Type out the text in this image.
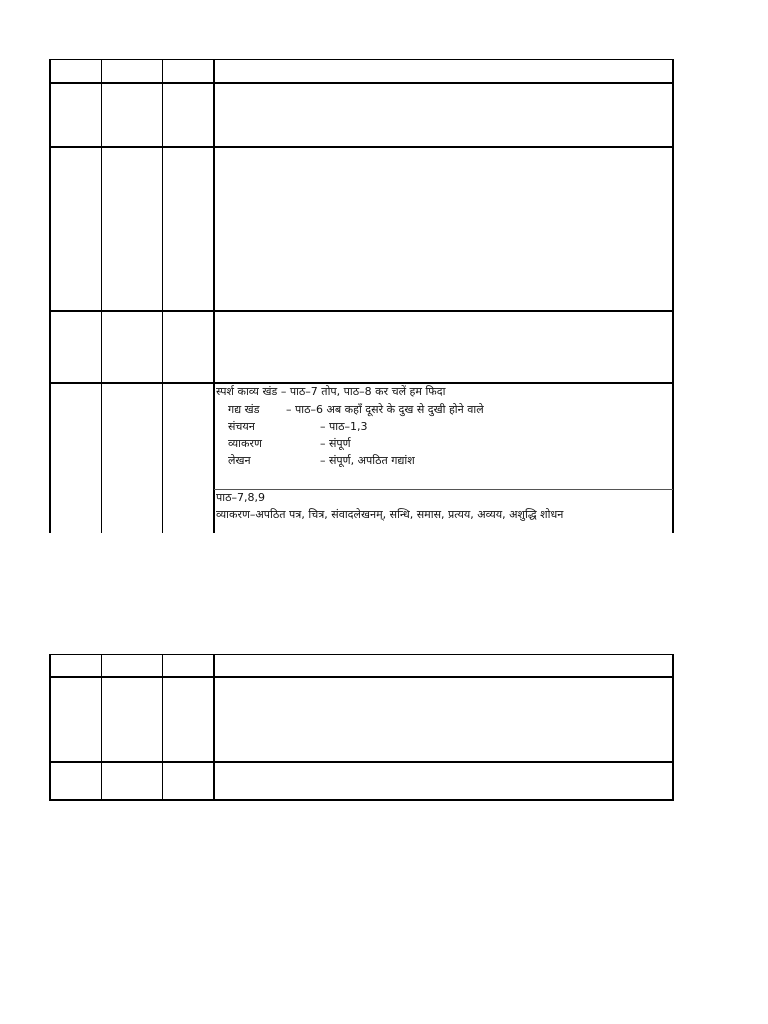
स्पर्श काव्य खंड – पाठ–7 तोप, पाठ–8 कर चलें हम फिदा
गद्य खंड – पाठ–6 अब कहाँ दूसरे के दुख से दुखी होने वाले
संचयन	– पाठ–1,3
व्याकरण	– संपूर्ण
लेखन	– संपूर्ण, अपठित गद्यांश
पाठ–7,8,9
व्याकरण–अपठित पत्र, चित्र, संवादलेखनम्, सन्धि, समास, प्रत्यय, अव्यय, अशुद्धि शोधन
